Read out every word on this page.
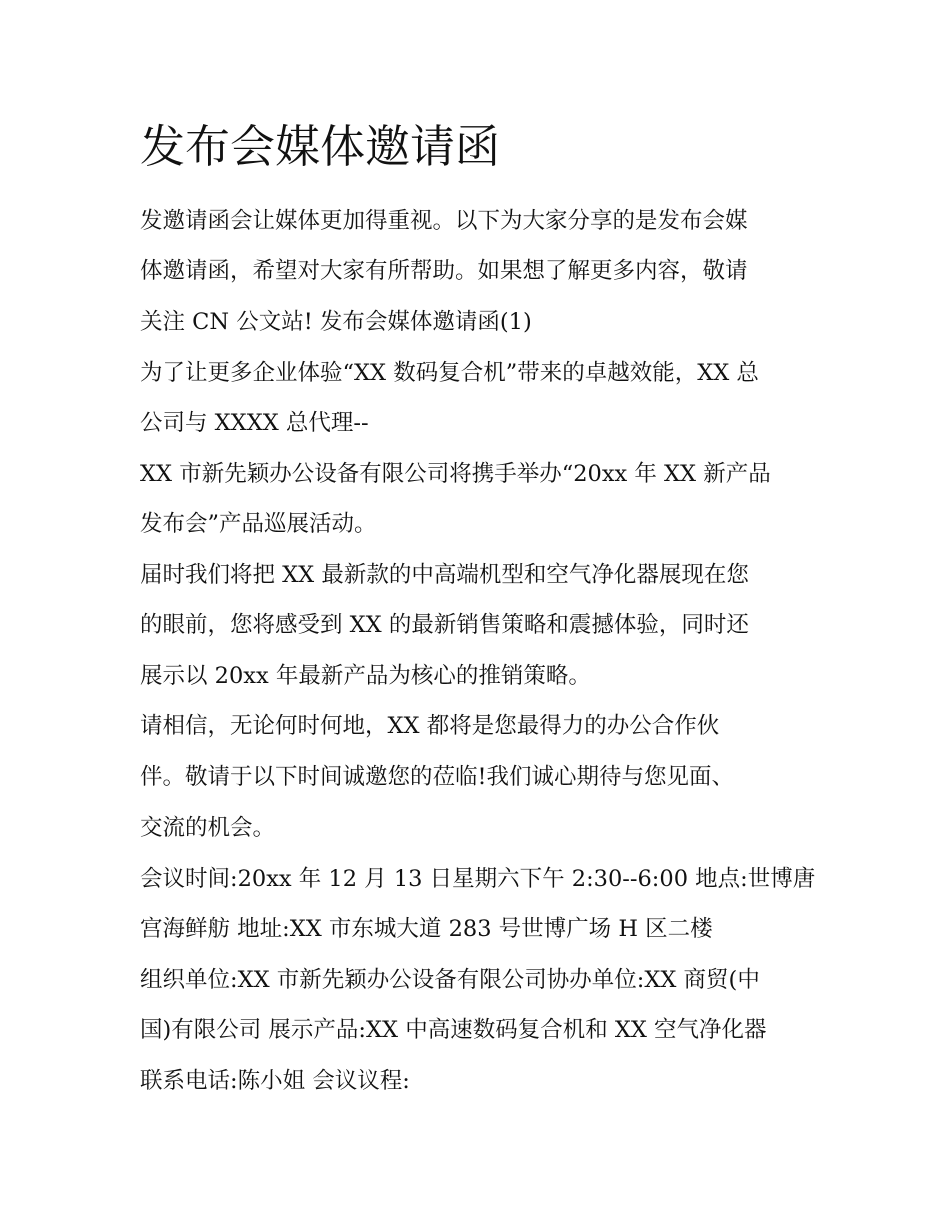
发布会媒体邀请函

发邀请函会让媒体更加得重视。以下为大家分享的是发布会媒

体邀请函，希望对大家有所帮助。如果想了解更多内容，敬请

关注 CN 公文站! 发布会媒体邀请函(1)

为了让更多企业体验“XX 数码复合机”带来的卓越效能，XX 总

公司与 XXXX 总代理--

XX 市新先颖办公设备有限公司将携手举办“20xx 年 XX 新产品

发布会”产品巡展活动。

届时我们将把 XX 最新款的中高端机型和空气净化器展现在您

的眼前，您将感受到 XX 的最新销售策略和震撼体验，同时还

展示以 20xx 年最新产品为核心的推销策略。

请相信，无论何时何地，XX 都将是您最得力的办公合作伙

伴。敬请于以下时间诚邀您的莅临!我们诚心期待与您见面、

交流的机会。

会议时间:20xx 年 12 月 13 日星期六下午 2:30--6:00 地点:世博唐

宫海鲜舫 地址:XX 市东城大道 283 号世博广场 H 区二楼

组织单位:XX 市新先颖办公设备有限公司协办单位:XX 商贸(中

国)有限公司 展示产品:XX 中高速数码复合机和 XX 空气净化器

联系电话:陈小姐 会议议程:
